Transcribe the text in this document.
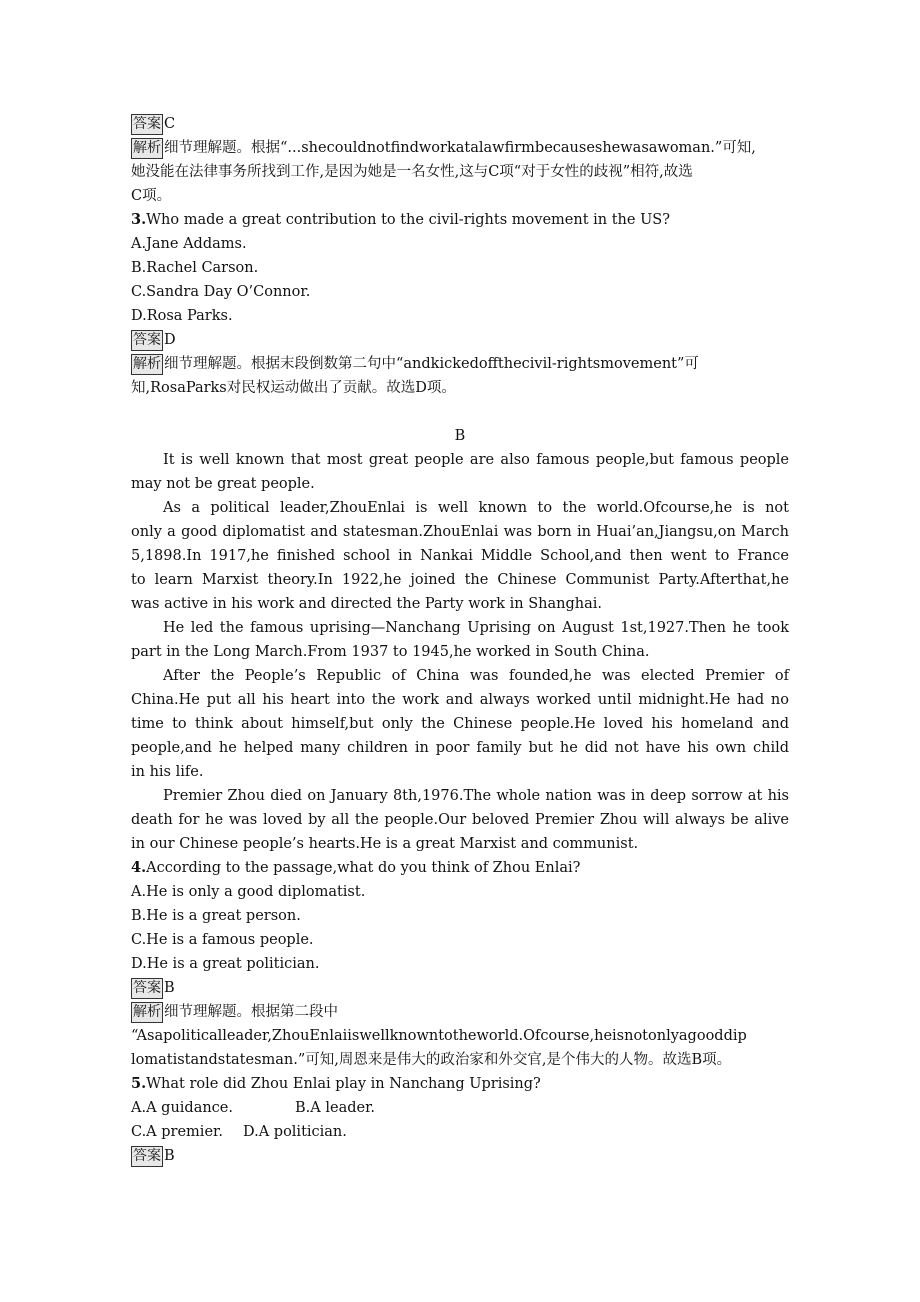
答案 C
解析 细节理解题。根据“...shecouldnotfindworkatalawfirmbecauseshewasawoman.”可知,
她没能在法律事务所找到工作,是因为她是一名女性,这与C项“对于女性的歧视”相符,故选
C项。
3.Who made a great contribution to the civil-rights movement in the US?
A.Jane Addams.
B.Rachel Carson.
C.Sandra Day O’Connor.
D.Rosa Parks.
答案 D
解析 细节理解题。根据末段倒数第二句中“andkickedoffthecivil-rightsmovement”可
知,RosaParks对民权运动做出了贡献。故选D项。
B
It is well known that most great people are also famous people,but famous people
may not be great people.
As a political leader,ZhouEnlai is well known to the world.Ofcourse,he is not
only a good diplomatist and statesman.ZhouEnlai was born in Huai’an,Jiangsu,on March
5,1898.In 1917,he finished school in Nankai Middle School,and then went to France
to learn Marxist theory.In 1922,he joined the Chinese Communist Party.Afterthat,he
was active in his work and directed the Party work in Shanghai.
He led the famous uprising—Nanchang Uprising on August 1st,1927.Then he took
part in the Long March.From 1937 to 1945,he worked in South China.
After the People’s Republic of China was founded,he was elected Premier of
China.He put all his heart into the work and always worked until midnight.He had no
time to think about himself,but only the Chinese people.He loved his homeland and
people,and he helped many children in poor family but he did not have his own child
in his life.
Premier Zhou died on January 8th,1976.The whole nation was in deep sorrow at his
death for he was loved by all the people.Our beloved Premier Zhou will always be alive
in our Chinese people’s hearts.He is a great Marxist and communist.
4.According to the passage,what do you think of Zhou Enlai?
A.He is only a good diplomatist.
B.He is a great person.
C.He is a famous people.
D.He is a great politician.
答案 B
解析 细节理解题。根据第二段中
“Asapoliticalleader,ZhouEnlaiiswellknowntotheworld.Ofcourse,heisnotonlyagooddip
lomatistandstatesman.”可知,周恩来是伟大的政治家和外交官,是个伟大的人物。故选B项。
5.What role did Zhou Enlai play in Nanchang Uprising?
A.A guidance.	B.A leader.
C.A premier. D.A politician.
答案 B
